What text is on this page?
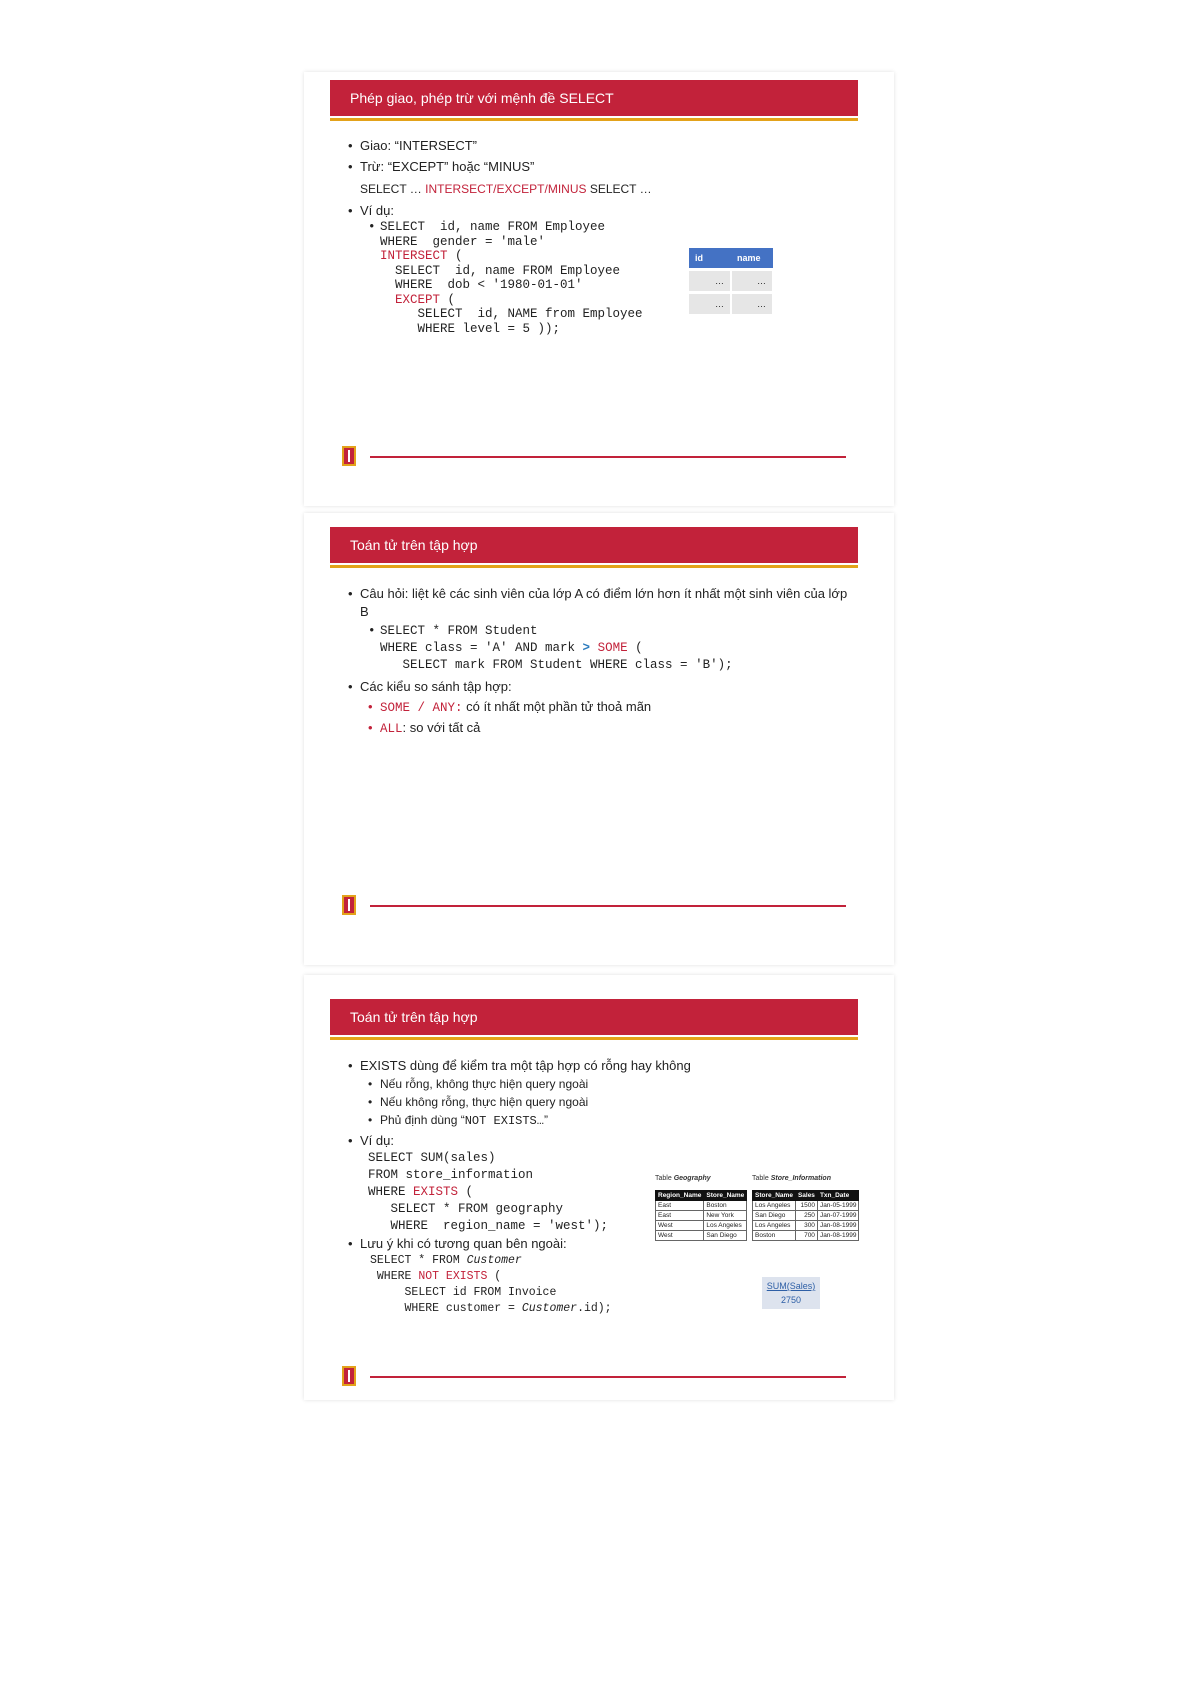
Phép giao, phép trừ với mệnh đề SELECT
• Giao: “INTERSECT”
• Trừ: “EXCEPT” hoặc “MINUS”
SELECT … INTERSECT/EXCEPT/MINUS SELECT …
• Ví dụ:
• SELECT  id, name FROM Employee
WHERE  gender = 'male'
INTERSECT (
SELECT  id, name FROM Employee
WHERE  dob < '1980-01-01'
EXCEPT (
SELECT  id, NAME from Employee
WHERE level = 5 ));
id	name
…	…
…	…
Toán tử trên tập hợp
• Câu hỏi: liệt kê các sinh viên của lớp A có điểm lớn hơn ít nhất một sinh viên của lớp B
• SELECT * FROM Student
WHERE class = 'A' AND mark > SOME (
SELECT mark FROM Student WHERE class = 'B');
• Các kiểu so sánh tập hợp:
• SOME / ANY: có ít nhất một phần tử thoả mãn
• ALL: so với tất cả
Toán tử trên tập hợp
• EXISTS dùng để kiểm tra một tập hợp có rỗng hay không
• Nếu rỗng, không thực hiện query ngoài
• Nếu không rỗng, thực hiện query ngoài
• Phủ định dùng “NOT EXISTS…”
• Ví dụ:
SELECT SUM(sales)
FROM store_information
WHERE EXISTS (
SELECT * FROM geography
WHERE  region_name = 'west');
• Lưu ý khi có tương quan bên ngoài:
SELECT * FROM Customer
WHERE NOT EXISTS (
SELECT id FROM Invoice
WHERE customer = Customer.id);
Table Geography
Region_Name	Store_Name
East	Boston
East	New York
West	Los Angeles
West	San Diego
Table Store_Information
Store_Name	Sales	Txn_Date
Los Angeles	1500	Jan-05-1999
San Diego	250	Jan-07-1999
Los Angeles	300	Jan-08-1999
Boston	700	Jan-08-1999
SUM(Sales)
2750
